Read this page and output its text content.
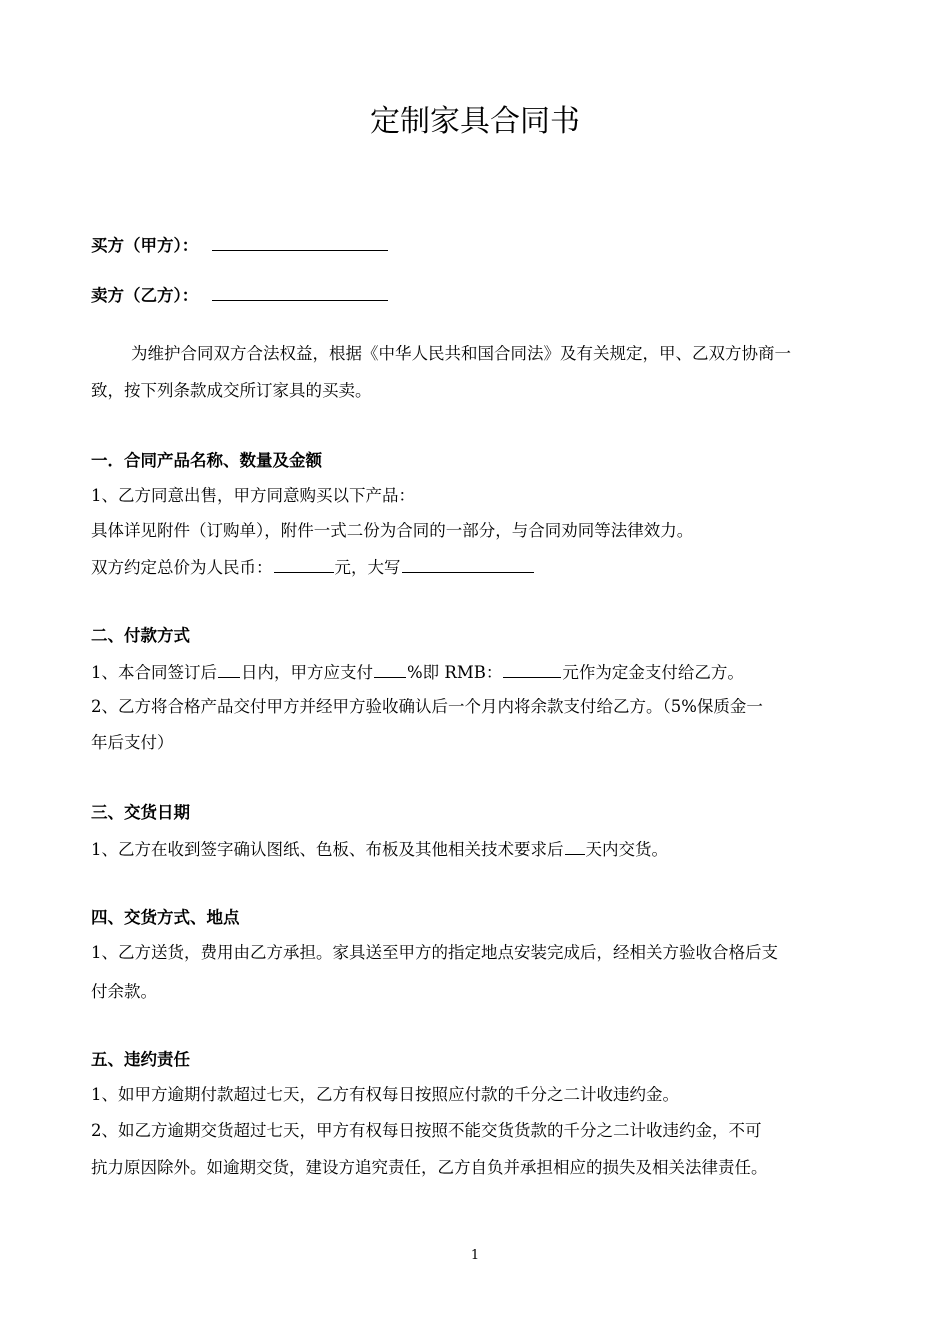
定制家具合同书
买方（甲方）：
卖方（乙方）：
为维护合同双方合法权益，根据《中华人民共和国合同法》及有关规定，甲、乙双方协商一
致，按下列条款成交所订家具的买卖。
一．合同产品名称、数量及金额
1、乙方同意出售，甲方同意购买以下产品：
具体详见附件（订购单），附件一式二份为合同的一部分，与合同劝同等法律效力。
双方约定总价为人民币：	元，大写
二、付款方式
1、本合同签订后 日内，甲方应支付 %即 RMB：	元作为定金支付给乙方。
2、乙方将合格产品交付甲方并经甲方验收确认后一个月内将余款支付给乙方。（5%保质金一
年后支付）
三、交货日期
1、乙方在收到签字确认图纸、色板、布板及其他相关技术要求后 天内交货。
四、交货方式、地点
1、乙方送货，费用由乙方承担。家具送至甲方的指定地点安装完成后，经相关方验收合格后支
付余款。
五、违约责任
1、如甲方逾期付款超过七天，乙方有权每日按照应付款的千分之二计收违约金。
2、如乙方逾期交货超过七天，甲方有权每日按照不能交货货款的千分之二计收违约金，不可
抗力原因除外。如逾期交货，建设方追究责任，乙方自负并承担相应的损失及相关法律责任。
1
